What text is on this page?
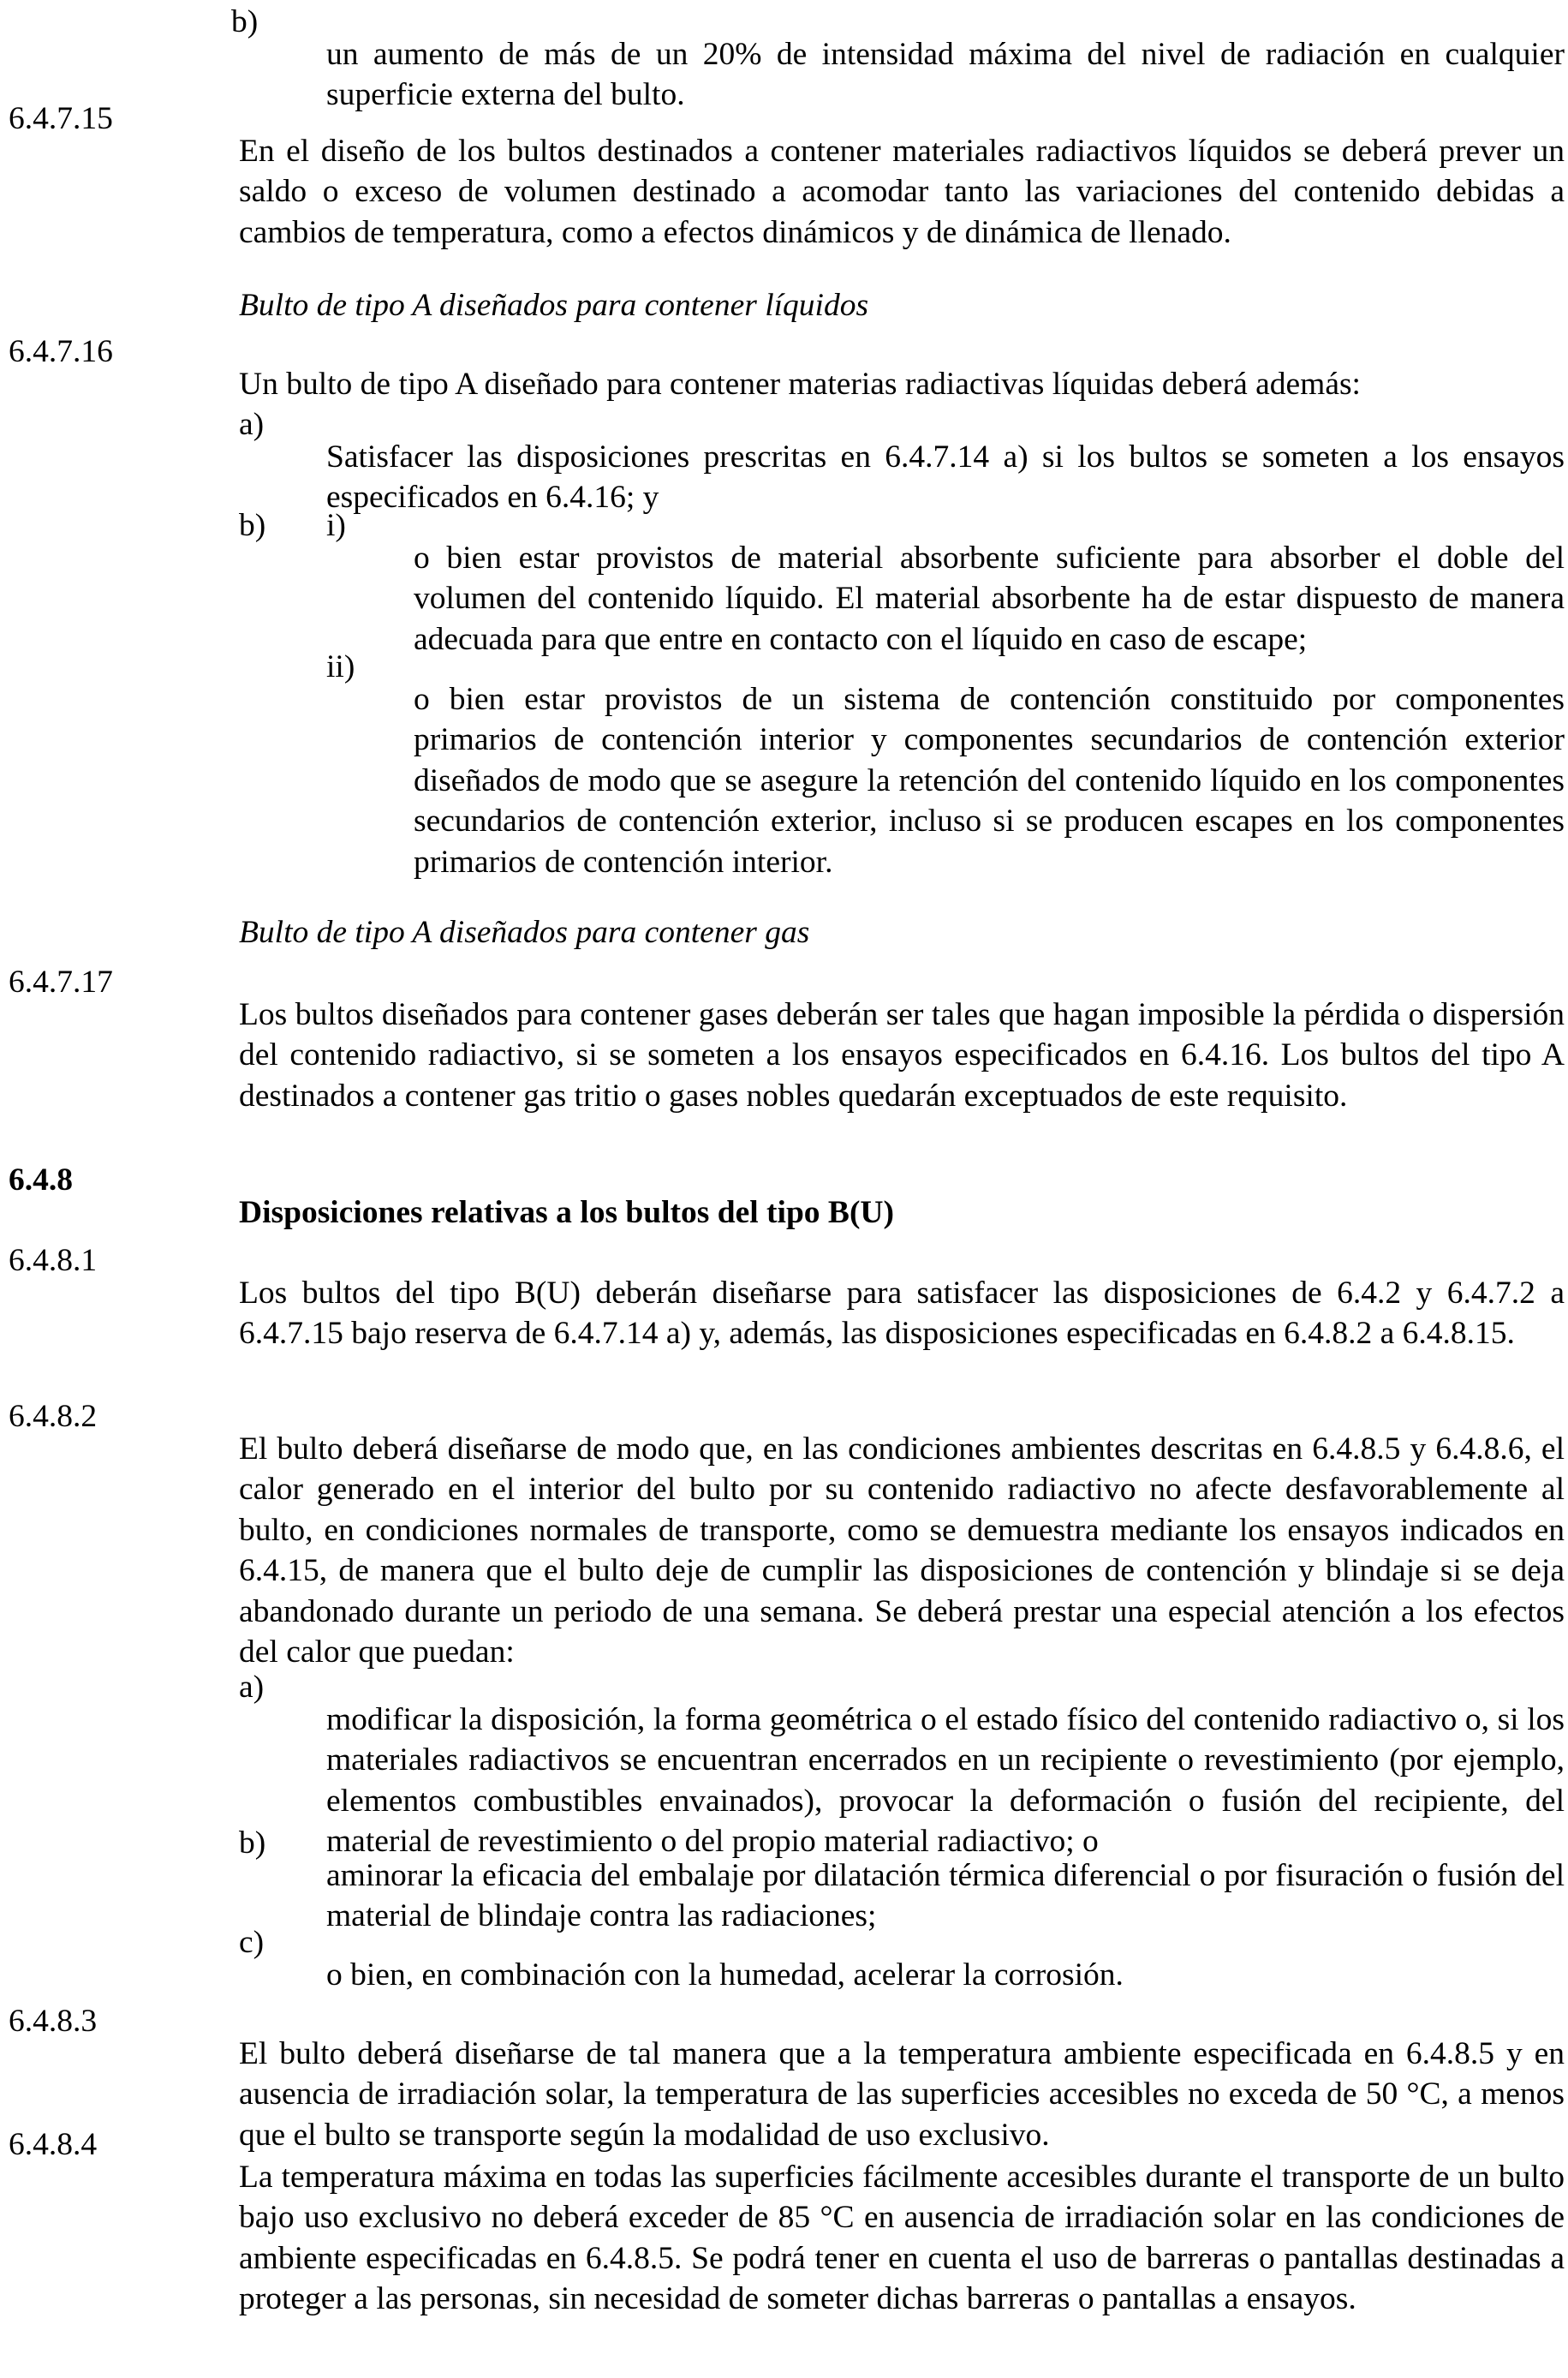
b)

un aumento de más de un 20% de intensidad máxima del nivel de radiación en cualquier superficie externa del bulto.

6.4.7.15

En el diseño de los bultos destinados a contener materiales radiactivos líquidos se deberá prever un saldo o exceso de volumen destinado a acomodar tanto las variaciones del contenido debidas a cambios de temperatura, como a efectos dinámicos y de dinámica de llenado.

Bulto de tipo A diseñados para contener líquidos

6.4.7.16

Un bulto de tipo A diseñado para contener materias radiactivas líquidas deberá además:

a)

Satisfacer las disposiciones prescritas en 6.4.7.14 a) si los bultos se someten a los ensayos especificados en 6.4.16; y

b) i)

o bien estar provistos de material absorbente suficiente para absorber el doble del volumen del contenido líquido. El material absorbente ha de estar dispuesto de manera adecuada para que entre en contacto con el líquido en caso de escape;

ii)

o bien estar provistos de un sistema de contención constituido por componentes primarios de contención interior y componentes secundarios de contención exterior diseñados de modo que se asegure la retención del contenido líquido en los componentes secundarios de contención exterior, incluso si se producen escapes en los componentes primarios de contención interior.

Bulto de tipo A diseñados para contener gas

6.4.7.17

Los bultos diseñados para contener gases deberán ser tales que hagan imposible la pérdida o dispersión del contenido radiactivo, si se someten a los ensayos especificados en 6.4.16. Los bultos del tipo A destinados a contener gas tritio o gases nobles quedarán exceptuados de este requisito.

6.4.8

Disposiciones relativas a los bultos del tipo B(U)

6.4.8.1

Los bultos del tipo B(U) deberán diseñarse para satisfacer las disposiciones de 6.4.2 y 6.4.7.2 a 6.4.7.15 bajo reserva de 6.4.7.14 a) y, además, las disposiciones especificadas en 6.4.8.2 a 6.4.8.15.

6.4.8.2

El bulto deberá diseñarse de modo que, en las condiciones ambientes descritas en 6.4.8.5 y 6.4.8.6, el calor generado en el interior del bulto por su contenido radiactivo no afecte desfavorablemente al bulto, en condiciones normales de transporte, como se demuestra mediante los ensayos indicados en 6.4.15, de manera que el bulto deje de cumplir las disposiciones de contención y blindaje si se deja abandonado durante un periodo de una semana. Se deberá prestar una especial atención a los efectos del calor que puedan:

a)

modificar la disposición, la forma geométrica o el estado físico del contenido radiactivo o, si los materiales radiactivos se encuentran encerrados en un recipiente o revestimiento (por ejemplo, elementos combustibles envainados), provocar la deformación o fusión del recipiente, del material de revestimiento o del propio material radiactivo; o

b)

aminorar la eficacia del embalaje por dilatación térmica diferencial o por fisuración o fusión del material de blindaje contra las radiaciones;

c)

o bien, en combinación con la humedad, acelerar la corrosión.

6.4.8.3

El bulto deberá diseñarse de tal manera que a la temperatura ambiente especificada en 6.4.8.5 y en ausencia de irradiación solar, la temperatura de las superficies accesibles no exceda de 50 °C, a menos que el bulto se transporte según la modalidad de uso exclusivo.

6.4.8.4

La temperatura máxima en todas las superficies fácilmente accesibles durante el transporte de un bulto bajo uso exclusivo no deberá exceder de 85 °C en ausencia de irradiación solar en las condiciones de ambiente especificadas en 6.4.8.5. Se podrá tener en cuenta el uso de barreras o pantallas destinadas a proteger a las personas, sin necesidad de someter dichas barreras o pantallas a ensayos.
